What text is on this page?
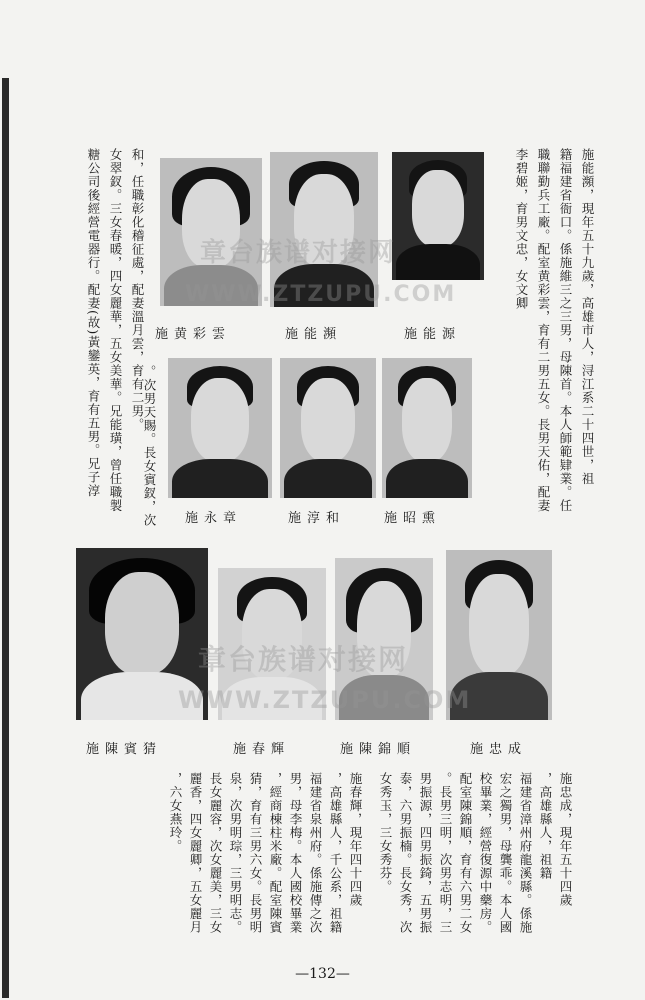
施黄彩雲	施能瀕	施能源
施永章	施淳和	施昭熏
施陳賓猜	施春輝	施陳錦順	施忠成
施能瀕，現年五十九歲，高雄市人，浔江系二十四世，祖
籍福建省衙口。係施維三之三男，母陳首。本人師範肄業。任
職聯勤兵工廠。配室黄彩雲，育有二男五女。長男天佑，配妻
李碧姬，育男文忠，女文卿
和，任職彰化稽征處，配妻溫月雲，育有二男。
女翠釵。三女春暖，四女麗華，五女美華。兄能璜，曾任職製
糖公司後經營電器行。配妻(故)黃鑾英，育有五男。兄子淳	。次男天賜。長女賓釵，次
施忠成，現年五十四歲
，高雄縣人，祖籍
福建省漳州府龍溪縣。係施
宏之獨男，母龔乖。本人國
校畢業，經營復源中藥房。
配室陳錦順，育有六男二女
。長男三明，次男志明，三
男振源，四男振錡，五男振
泰，六男振楠。長女秀，次
女秀玉，三女秀芬。
施春輝，現年四十四歲
，高雄縣人，千公系，祖籍
福建省泉州府。係施傳之次
男，母李梅。本人國校畢業
，經商棟柱米廠。配室陳賓
猜，育有三男六女。長男明
泉，次男明琮，三男明志。
長女麗容，次女麗美，三女
麗香，四女麗卿，五女麗月
，六女燕玲。
章台族谱对接网
WWW.ZTZUPU.COM
章台族谱对接网
WWW.ZTZUPU.COM
—132—
